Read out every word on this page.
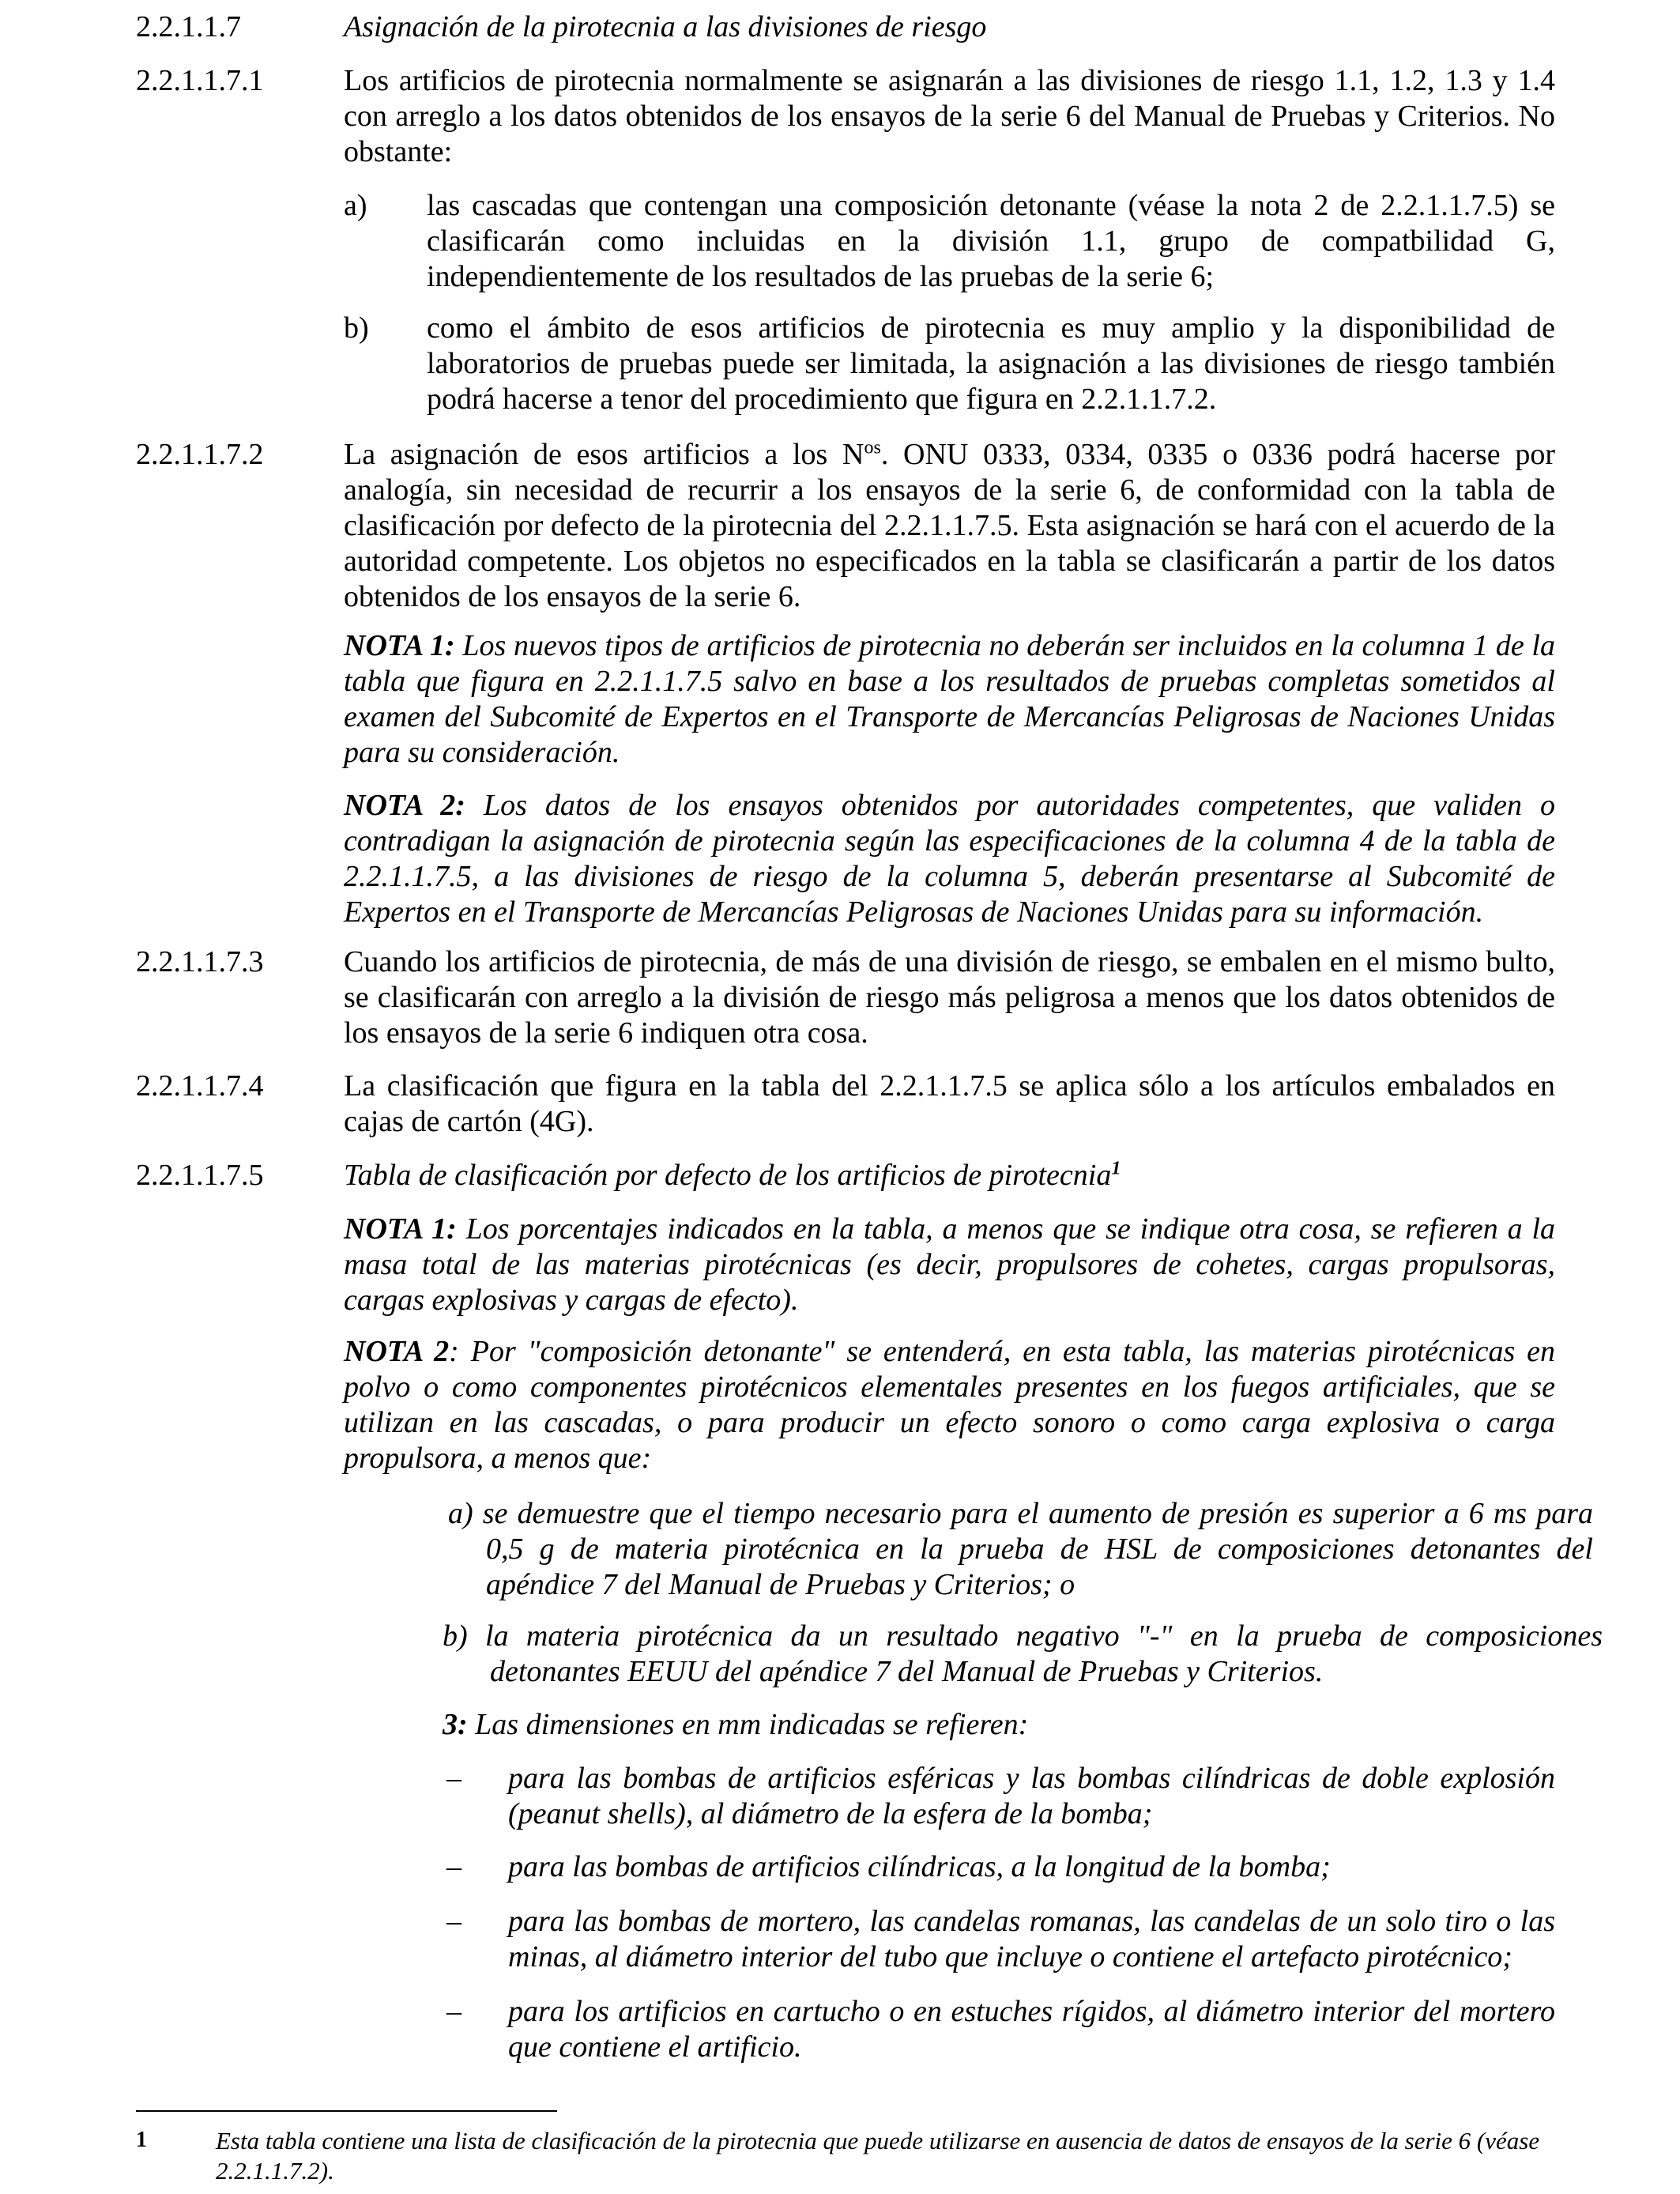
2.2.1.1.7	Asignación de la pirotecnia a las divisiones de riesgo
2.2.1.1.7.1	Los artificios de pirotecnia normalmente se asignarán a las divisiones de riesgo 1.1, 1.2, 1.3 y 1.4 con arreglo a los datos obtenidos de los ensayos de la serie 6 del Manual de Pruebas y Criterios. No obstante:
a)	las cascadas que contengan una composición detonante (véase la nota 2 de 2.2.1.1.7.5) se clasificarán como incluidas en la división 1.1, grupo de compatbilidad G, independientemente de los resultados de las pruebas de la serie 6;
b)	como el ámbito de esos artificios de pirotecnia es muy amplio y la disponibilidad de laboratorios de pruebas puede ser limitada, la asignación a las divisiones de riesgo también podrá hacerse a tenor del procedimiento que figura en 2.2.1.1.7.2.
2.2.1.1.7.2	La asignación de esos artificios a los $N^{os}$. ONU 0333, 0334, 0335 o 0336 podrá hacerse por analogía, sin necesidad de recurrir a los ensayos de la serie 6, de conformidad con la tabla de clasificación por defecto de la pirotecnia del 2.2.1.1.7.5. Esta asignación se hará con el acuerdo de la autoridad competente. Los objetos no especificados en la tabla se clasificarán a partir de los datos obtenidos de los ensayos de la serie 6.
NOTA 1: Los nuevos tipos de artificios de pirotecnia no deberán ser incluidos en la columna 1 de la tabla que figura en 2.2.1.1.7.5 salvo en base a los resultados de pruebas completas sometidos al examen del Subcomité de Expertos en el Transporte de Mercancías Peligrosas de Naciones Unidas para su consideración.
NOTA 2: Los datos de los ensayos obtenidos por autoridades competentes, que validen o contradigan la asignación de pirotecnia según las especificaciones de la columna 4 de la tabla de 2.2.1.1.7.5, a las divisiones de riesgo de la columna 5, deberán presentarse al Subcomité de Expertos en el Transporte de Mercancías Peligrosas de Naciones Unidas para su información.
2.2.1.1.7.3	Cuando los artificios de pirotecnia, de más de una división de riesgo, se embalen en el mismo bulto, se clasificarán con arreglo a la división de riesgo más peligrosa a menos que los datos obtenidos de los ensayos de la serie 6 indiquen otra cosa.
2.2.1.1.7.4	La clasificación que figura en la tabla del 2.2.1.1.7.5 se aplica sólo a los artículos embalados en cajas de cartón (4G).
2.2.1.1.7.5	Tabla de clasificación por defecto de los artificios de pirotecnia$^1$
NOTA 1: Los porcentajes indicados en la tabla, a menos que se indique otra cosa, se refieren a la masa total de las materias pirotécnicas (es decir, propulsores de cohetes, cargas propulsoras, cargas explosivas y cargas de efecto).
NOTA 2: Por "composición detonante" se entenderá, en esta tabla, las materias pirotécnicas en polvo o como componentes pirotécnicos elementales presentes en los fuegos artificiales, que se utilizan en las cascadas, o para producir un efecto sonoro o como carga explosiva o carga propulsora, a menos que:
a) se demuestre que el tiempo necesario para el aumento de presión es superior a 6 ms para 0,5 g de materia pirotécnica en la prueba de HSL de composiciones detonantes del apéndice 7 del Manual de Pruebas y Criterios; o
b) la materia pirotécnica da un resultado negativo "-" en la prueba de composiciones detonantes EEUU del apéndice 7 del Manual de Pruebas y Criterios.
3: Las dimensiones en mm indicadas se refieren:
– para las bombas de artificios esféricas y las bombas cilíndricas de doble explosión (peanut shells), al diámetro de la esfera de la bomba;
– para las bombas de artificios cilíndricas, a la longitud de la bomba;
– para las bombas de mortero, las candelas romanas, las candelas de un solo tiro o las minas, al diámetro interior del tubo que incluye o contiene el artefacto pirotécnico;
– para los artificios en cartucho o en estuches rígidos, al diámetro interior del mortero que contiene el artificio.
1	Esta tabla contiene una lista de clasificación de la pirotecnia que puede utilizarse en ausencia de datos de ensayos de la serie 6 (véase 2.2.1.1.7.2).
